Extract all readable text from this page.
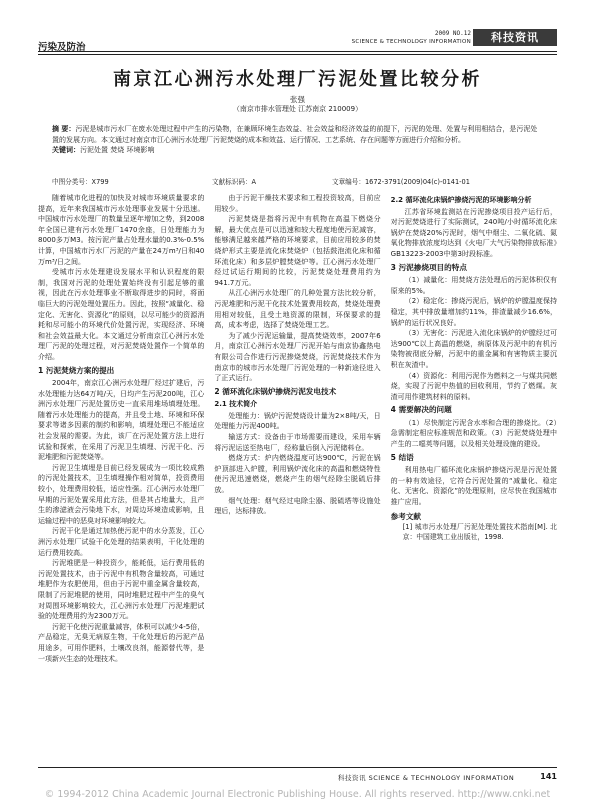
污染及防治
2009 NO.12
SCIENCE & TECHNOLOGY INFORMATION	科技资讯
南京江心洲污水处理厂污泥处置比较分析
张强
（南京市排水管理处 江苏南京 210009）
摘 要：污泥是城市污水厂在废水处理过程中产生的污染物，在兼顾环境生态效益、社会效益和经济效益的前提下，污泥的处理、处置与利用相结合，是污泥处置的发展方向。本文通过对南京市江心洲污水处理厂污泥焚烧的成本和效益、运行情况、工艺系统、存在问题等方面进行介绍和分析。
关键词：污泥处置 焚烧 环境影响
中图分类号：X799	文献标识码：A	文章编号：1672-3791(2009)04(c)-0141-01

随着城市化进程的加快及对城市环境质量要求的提高，近年来我国城市污水处理事业发展十分迅速。中国城市污水处理厂的数量呈逐年增加之势，到2008年全国已建有污水处理厂1470余座，日处理能力为8000多万M3。按污泥产量占处理水量的0.3%-0.5%计算，中国城市污水厂污泥的产量在24万m³/日和40万m³/日之间。

受城市污水处理建设发展水平和认识程度的限制，我国对污泥的处理处置始终没有引起足够的重视，因此在污水处理事业不断取得进步的同时，将面临巨大的污泥处理处置压力。因此，按照“减量化、稳定化、无害化、资源化”的原则，以尽可能少的资源消耗和尽可能小的环境代价处置污泥，实现经济、环境和社会效益最大化。本文通过分析南京江心洲污水处理厂污泥的处理过程，对污泥焚烧处置作一个简单的介绍。

1 污泥焚烧方案的提出

2004年，南京江心洲污水处理厂经过扩建后，污水处理能力达64万吨/天，日均产生污泥200吨，江心洲污水处理厂污泥处置历史一直采用堆场填埋处理。随着污水处理能力的提高，并且受土地、环境和环保要求等诸多因素的制约和影响，填埋处理已不能适应社会发展的需要。为此，该厂在污泥处置方法上进行试验和探索，在采用了污泥卫生填埋、污泥干化、污泥堆肥和污泥焚烧等。

污泥卫生填埋是目前已经发展成为一项比较成熟的污泥处置技术，卫生填埋操作相对简单，投资费用较小，处理费用较低，适应性强。江心洲污水处理厂早期的污泥处置采用此方法，但是其占地量大，且产生的渗滤液会污染地下水，对周边环境造成影响，且运输过程中的恶臭对环境影响较大。

污泥干化是通过加热使污泥中的水分蒸发，江心洲污水处理厂试验干化处理的结果表明，干化处理的运行费用较高。

污泥堆肥是一种投资少，能耗低，运行费用低的污泥处置技术，由于污泥中有机物含量较高，可通过堆肥作为农肥使用，但由于污泥中重金属含量较高，限制了污泥堆肥的使用，同时堆肥过程中产生的臭气对周围环境影响较大，江心洲污水处理厂污泥堆肥试验的处理费用约为2300万元。

污泥干化使污泥重量减容，体积可以减少4-5倍，产品稳定，无臭无病原生物，干化处理后的污泥产品用途多，可用作肥料，土壤改良剂，能源替代等，是一项新兴生态的处理技术。

由于污泥干燥技术要求和工程投资较高，目前应用较少。

污泥焚烧是指将污泥中有机物在高温下燃烧分解，最大优点是可以迅速和较大程度地使污泥减容，能够满足越来越严格的环境要求，目前应用较多的焚烧炉形式主要是流化床焚烧炉（包括鼓泡流化床和循环流化床）和多层炉膛焚烧炉等。江心洲污水处理厂经过试运行期间的比较，污泥焚烧处理费用约为941.7万元。

从江心洲污水处理厂的几种处置方法比较分析，污泥堆肥和污泥干化技术处置费用较高，焚烧处理费用相对较低，且受土地资源的限制，环保要求的提高，成本考虑，选择了焚烧处理工艺。

为了减少污泥运输量，提高焚烧效率，2007年6月，南京江心洲污水处理厂污泥开始与南京协鑫热电有限公司合作进行污泥掺烧焚烧，污泥焚烧技术作为南京市的城市污水处理厂污泥处理的一种新途径进入了正式运行。

2 循环流化床锅炉掺烧污泥发电技术
2.1 技术简介

处理能力：锅炉污泥焚烧设计量为2×8吨/天，日处理能力污泥400吨。

输送方式：设备由于市场需要而建设，采用车辆将污泥运送至热电厂，经称量后倒入污泥储料仓。

燃烧方式：炉内燃烧温度可达900℃，污泥在锅炉顶部进入炉膛，利用锅炉流化床的高温和燃烧特性使污泥迅速燃烧，燃烧产生的烟气经除尘脱硫后排放。

烟气处理：烟气经过电除尘器、脱硫塔等设施处理后，达标排放。

2.2 循环流化床锅炉掺烧污泥的环境影响分析

江苏省环境监测站在污泥掺烧项目投产运行后，对污泥焚烧进行了实际测试，240吨/小时循环流化床锅炉在焚烧20%污泥时，烟气中烟尘、二氧化硫、氮氧化物排放浓度均达到《火电厂大气污染物排放标准》GB13223-2003中第3时段标准。

3 污泥掺烧项目的特点

（1）减量化：用焚烧方法处理后的污泥体积仅有原来的5%。

（2）稳定化：掺烧污泥后，锅炉的炉膛温度保持稳定，其中排放量增加约11%，排渣量减少16.6%，锅炉的运行状况良好。

（3）无害化：污泥进入流化床锅炉的炉膛经过可达900℃以上高温的燃烧，病原体及污泥中的有机污染物被彻底分解，污泥中的重金属和有害物质主要沉积在灰渣中。

（4）资源化：利用污泥作为燃料之一与煤共同燃烧，实现了污泥中热值的回收利用，节约了燃煤。灰渣可用作建筑材料的原料。

4 需要解决的问题

（1）尽快制定污泥含水率和合理的掺烧比。（2）急需制定相应标准规范和政策。（3）污泥焚烧处理中产生的二噁英等问题，以及相关处理设施的建设。

5 结语

利用热电厂循环流化床锅炉掺烧污泥是污泥处置的一种有效途径，它符合污泥处置的“减量化、稳定化、无害化、资源化”的处理原则，应尽快在我国城市推广应用。

参考文献
[1] 城市污水处理厂污泥处理处置技术指南[M]. 北京：中国建筑工业出版社，1998.
科技资讯 SCIENCE & TECHNOLOGY INFORMATION	141
© 1994-2012 China Academic Journal Electronic Publishing House. All rights reserved. http://www.cnki.net
